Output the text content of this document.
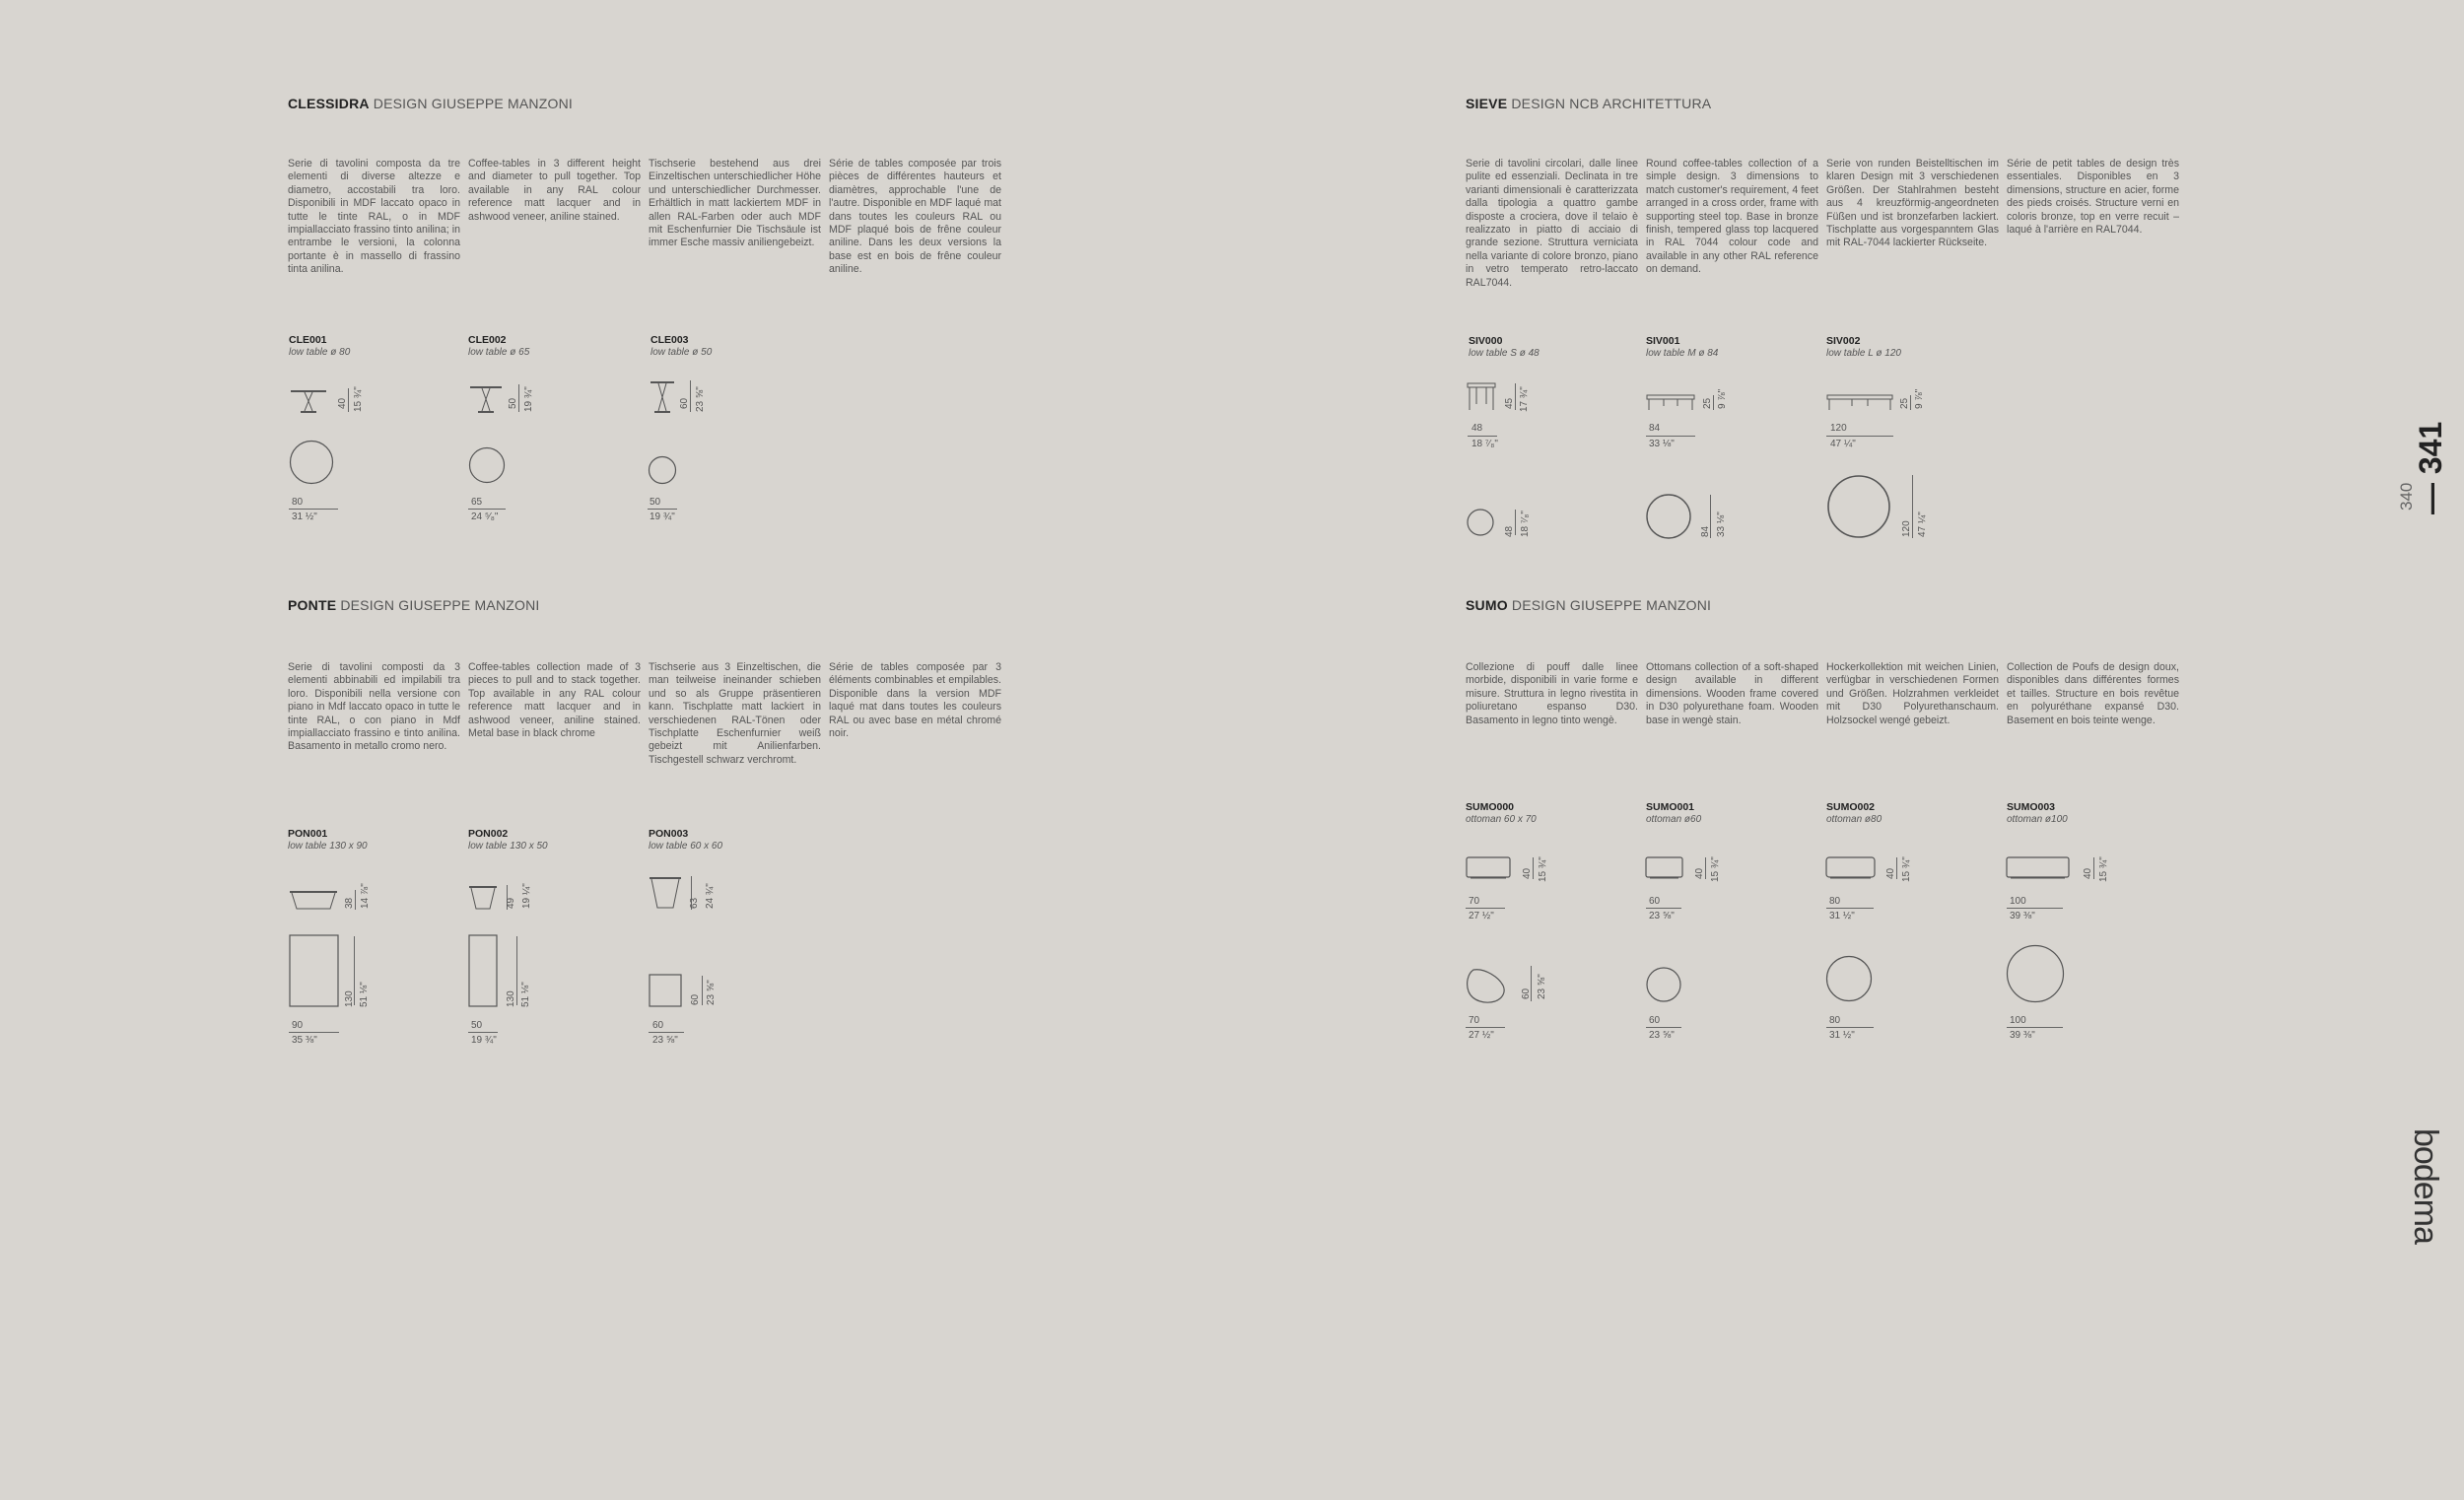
CLESSIDRA DESIGN GIUSEPPE MANZONI
Serie di tavolini composta da tre elementi di diverse altezze e diametro, accostabili tra loro. Disponibili in MDF laccato opaco in tutte le tinte RAL, o in MDF impiallacciato frassino tinto anilina; in entrambe le versioni, la colonna portante è in massello di frassino tinta anilina.
Coffee-tables in 3 different height and diameter to pull together. Top available in any RAL colour reference matt lacquer and in ashwood veneer, aniline stained.
Tischserie bestehend aus drei Einzeltischen unterschiedlicher Höhe und unterschiedlicher Durchmesser. Erhältlich in matt lackiertem MDF in allen RAL-Farben oder auch MDF mit Eschenfurnier Die Tischsäule ist immer Esche massiv aniliengebeizt.
Série de tables composée par trois pièces de différentes hauteurs et diamètres, approchable l'une de l'autre. Disponible en MDF laqué mat dans toutes les couleurs RAL ou MDF plaqué bois de frêne couleur aniline. Dans les deux versions la base est en bois de frêne couleur aniline.
CLE001
low table ø 80
40 15 ¾"
80
31 ½"
CLE002
low table ø 65
50 19 ¾"
65
24 ⁵⁄₈"
CLE003
low table ø 50
60 23 ⅝"
50
19 ¾"
PONTE DESIGN GIUSEPPE MANZONI
Serie di tavolini composti da 3 elementi abbinabili ed impilabili tra loro. Disponibili nella versione con piano in Mdf laccato opaco in tutte le tinte RAL, o con piano in Mdf impiallacciato frassino e tinto anilina. Basamento in metallo cromo nero.
Coffee-tables collection made of 3 pieces to pull and to stack together. Top available in any RAL colour reference matt lacquer and in ashwood veneer, aniline stained. Metal base in black chrome
Tischserie aus 3 Einzeltischen, die man teilweise ineinander schieben und so als Gruppe präsentieren kann. Tischplatte matt lackiert in verschiedenen RAL-Tönen oder Tischplatte Eschenfurnier weiß gebeizt mit Anilienfarben. Tischgestell schwarz verchromt.
Série de tables composée par 3 éléments combinables et empilables. Disponible dans la version MDF laqué mat dans toutes les couleurs RAL ou avec base en métal chromé noir.
PON001
low table 130 x 90
38 14 ⅞"
130 51 ⅛"
90
35 ⅜"
PON002
low table 130 x 50
49 19 ¼"
130 51 ⅛"
50
19 ¾"
PON003
low table 60 x 60
63 24 ¾"
60 23 ⅝"
60
23 ⅝"
SIEVE DESIGN NCB ARCHITETTURA
Serie di tavolini circolari, dalle linee pulite ed essenziali. Declinata in tre varianti dimensionali è caratterizzata dalla tipologia a quattro gambe disposte a crociera, dove il telaio è realizzato in piatto di acciaio di grande sezione. Struttura verniciata nella variante di colore bronzo, piano in vetro temperato retro-laccato RAL7044.
Round coffee-tables collection of a simple design. 3 dimensions to match customer's requirement, 4 feet arranged in a cross order, frame with supporting steel top. Base in bronze finish, tempered glass top lacquered in RAL 7044 colour code and available in any other RAL reference on demand.
Serie von runden Beistelltischen im klaren Design mit 3 verschiedenen Größen. Der Stahlrahmen besteht aus 4 kreuzförmig-angeordneten Füßen und ist bronzefarben lackiert. Tischplatte aus vorgespanntem Glas mit RAL-7044 lackierter Rückseite.
Série de petit tables de design très essentiales. Disponibles en 3 dimensions, structure en acier, forme des pieds croisés. Structure verni en coloris bronze, top en verre recuit – laqué à l'arrière en RAL7044.
SIV000
low table S ø 48
45 17 ¾"
48
18 ⁷⁄₈"
48 18 ⁷⁄₈"
SIV001
low table M ø 84
25 9 ⅞"
84
33 ⅛"
84 33 ⅛"
SIV002
low table L ø 120
25 9 ⅞"
120
47 ¼"
120 47 ¼"
SUMO DESIGN GIUSEPPE MANZONI
Collezione di pouff dalle linee morbide, disponibili in varie forme e misure. Struttura in legno rivestita in poliuretano espanso D30. Basamento in legno tinto wengè.
Ottomans collection of a soft-shaped design available in different dimensions. Wooden frame covered in D30 polyurethane foam. Wooden base in wengè stain.
Hockerkollektion mit weichen Linien, verfügbar in verschiedenen Formen und Größen. Holzrahmen verkleidet mit D30 Polyurethanschaum. Holzsockel wengé gebeizt.
Collection de Poufs de design doux, disponibles dans différentes formes et tailles. Structure en bois revêtue en polyuréthane expansé D30. Basement en bois teinte wenge.
SUMO000
ottoman 60 x 70
40 15 ¾"
70
27 ½"
60 23 ⅝"
70
27 ½"
SUMO001
ottoman ø60
40 15 ¾"
60
23 ⅝"
60
23 ⅝"
SUMO002
ottoman ø80
40 15 ¾"
80
31 ½"
80
31 ½"
SUMO003
ottoman ø100
40 15 ¾"
100
39 ⅜"
100
39 ⅜"
340
— 341
bodema
